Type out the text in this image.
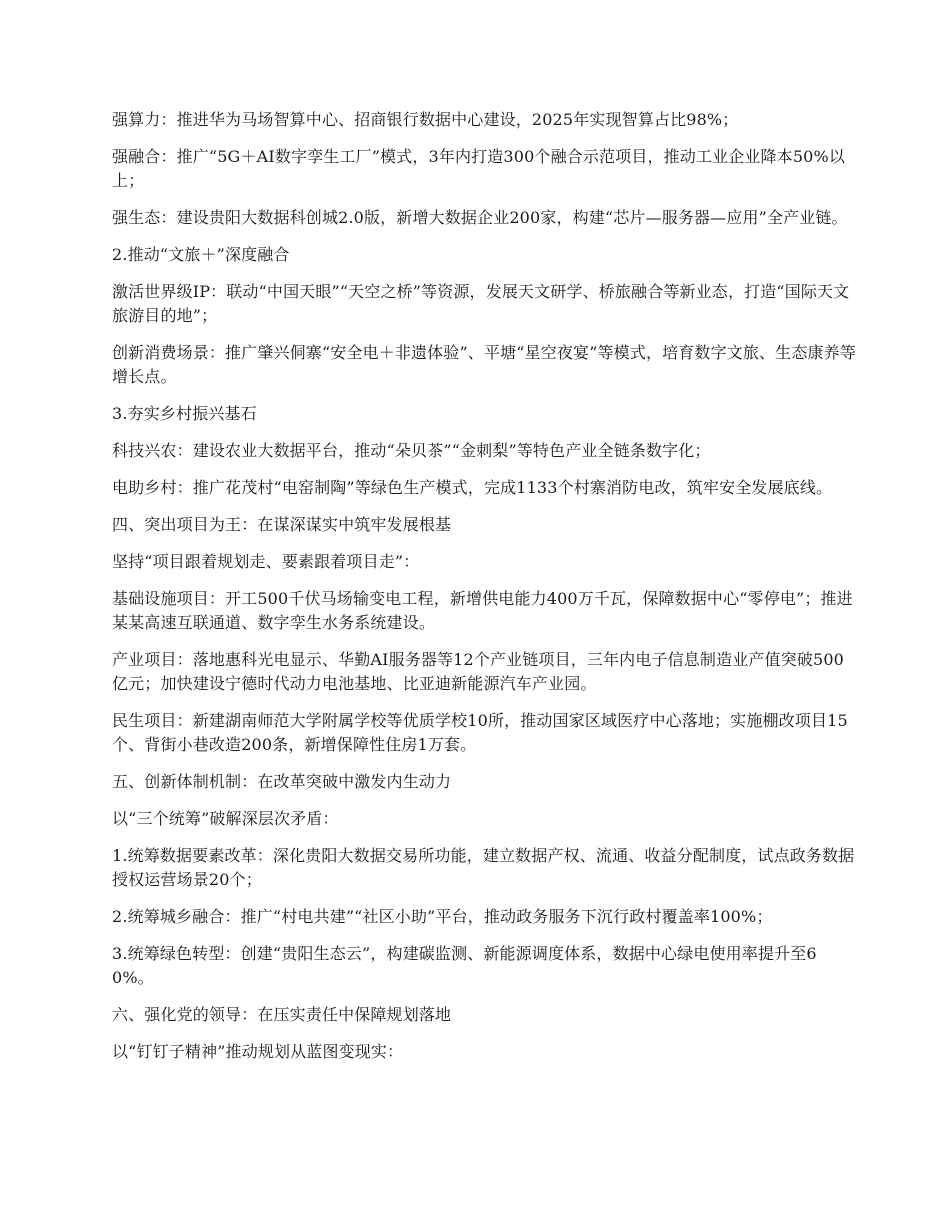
强算力：推进华为马场智算中心、招商银行数据中心建设，2025年实现智算占比98%；

强融合：推广“5G＋AI数字孪生工厂”模式，3年内打造300个融合示范项目，推动工业企业降本50%以上；

强生态：建设贵阳大数据科创城2.0版，新增大数据企业200家，构建“芯片—服务器—应用”全产业链。

2.推动“文旅＋”深度融合

激活世界级IP：联动“中国天眼”“天空之桥”等资源，发展天文研学、桥旅融合等新业态，打造“国际天文旅游目的地”；

创新消费场景：推广肇兴侗寨“安全电＋非遗体验”、平塘“星空夜宴”等模式，培育数字文旅、生态康养等增长点。

3.夯实乡村振兴基石

科技兴农：建设农业大数据平台，推动“朵贝茶”“金刺梨”等特色产业全链条数字化；

电助乡村：推广花茂村“电窑制陶”等绿色生产模式，完成1133个村寨消防电改，筑牢安全发展底线。

四、突出项目为王：在谋深谋实中筑牢发展根基

坚持“项目跟着规划走、要素跟着项目走”：

基础设施项目：开工500千伏马场输变电工程，新增供电能力400万千瓦，保障数据中心“零停电”；推进某某高速互联通道、数字孪生水务系统建设。

产业项目：落地惠科光电显示、华勤AI服务器等12个产业链项目，三年内电子信息制造业产值突破500亿元；加快建设宁德时代动力电池基地、比亚迪新能源汽车产业园。

民生项目：新建湖南师范大学附属学校等优质学校10所，推动国家区域医疗中心落地；实施棚改项目15个、背街小巷改造200条，新增保障性住房1万套。

五、创新体制机制：在改革突破中激发内生动力

以“三个统筹”破解深层次矛盾：

1.统筹数据要素改革：深化贵阳大数据交易所功能，建立数据产权、流通、收益分配制度，试点政务数据授权运营场景20个；

2.统筹城乡融合：推广“村电共建”“社区小助”平台，推动政务服务下沉行政村覆盖率100%；

3.统筹绿色转型：创建“贵阳生态云”，构建碳监测、新能源调度体系，数据中心绿电使用率提升至60%。

六、强化党的领导：在压实责任中保障规划落地

以“钉钉子精神”推动规划从蓝图变现实：
